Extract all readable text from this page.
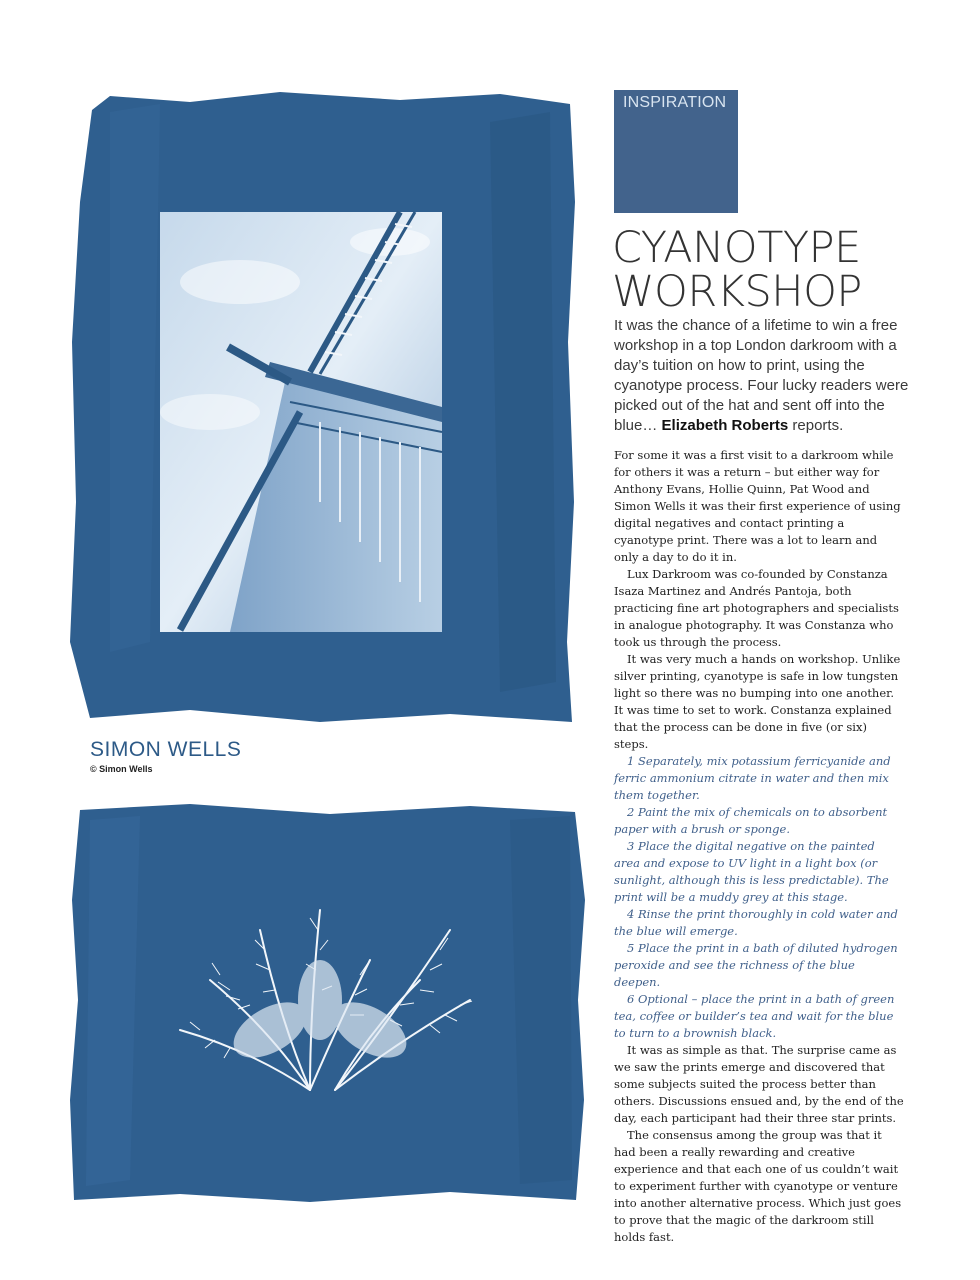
SIMON WELLS
© Simon Wells
INSPIRATION
CYANOTYPE
WORKSHOP

It was the chance of a lifetime to win a free workshop in a top London darkroom with a day’s tuition on how to print, using the cyanotype process. Four lucky readers were picked out of the hat and sent off into the blue… Elizabeth Roberts reports.

For some it was a first visit to a darkroom while for others it was a return – but either way for Anthony Evans, Hollie Quinn, Pat Wood and Simon Wells it was their first experience of using digital negatives and contact printing a cyanotype print. There was a lot to learn and only a day to do it in.

Lux Darkroom was co-founded by Constanza Isaza Martinez and Andrés Pantoja, both practicing fine art photographers and specialists in analogue photography. It was Constanza who took us through the process.

It was very much a hands on workshop. Unlike silver printing, cyanotype is safe in low tungsten light so there was no bumping into one another. It was time to set to work. Constanza explained that the process can be done in five (or six) steps.

1 Separately, mix potassium ferricyanide and ferric ammonium citrate in water and then mix them together.

2 Paint the mix of chemicals on to absorbent paper with a brush or sponge.

3 Place the digital negative on the painted area and expose to UV light in a light box (or sunlight, although this is less predictable). The print will be a muddy grey at this stage.

4 Rinse the print thoroughly in cold water and the blue will emerge.

5 Place the print in a bath of diluted hydrogen peroxide and see the richness of the blue deepen.

6 Optional – place the print in a bath of green tea, coffee or builder’s tea and wait for the blue to turn to a brownish black.

It was as simple as that. The surprise came as we saw the prints emerge and discovered that some subjects suited the process better than others. Discussions ensued and, by the end of the day, each participant had their three star prints.

The consensus among the group was that it had been a really rewarding and creative experience and that each one of us couldn’t wait to experiment further with cyanotype or venture into another alternative process. Which just goes to prove that the magic of the darkroom still holds fast.
